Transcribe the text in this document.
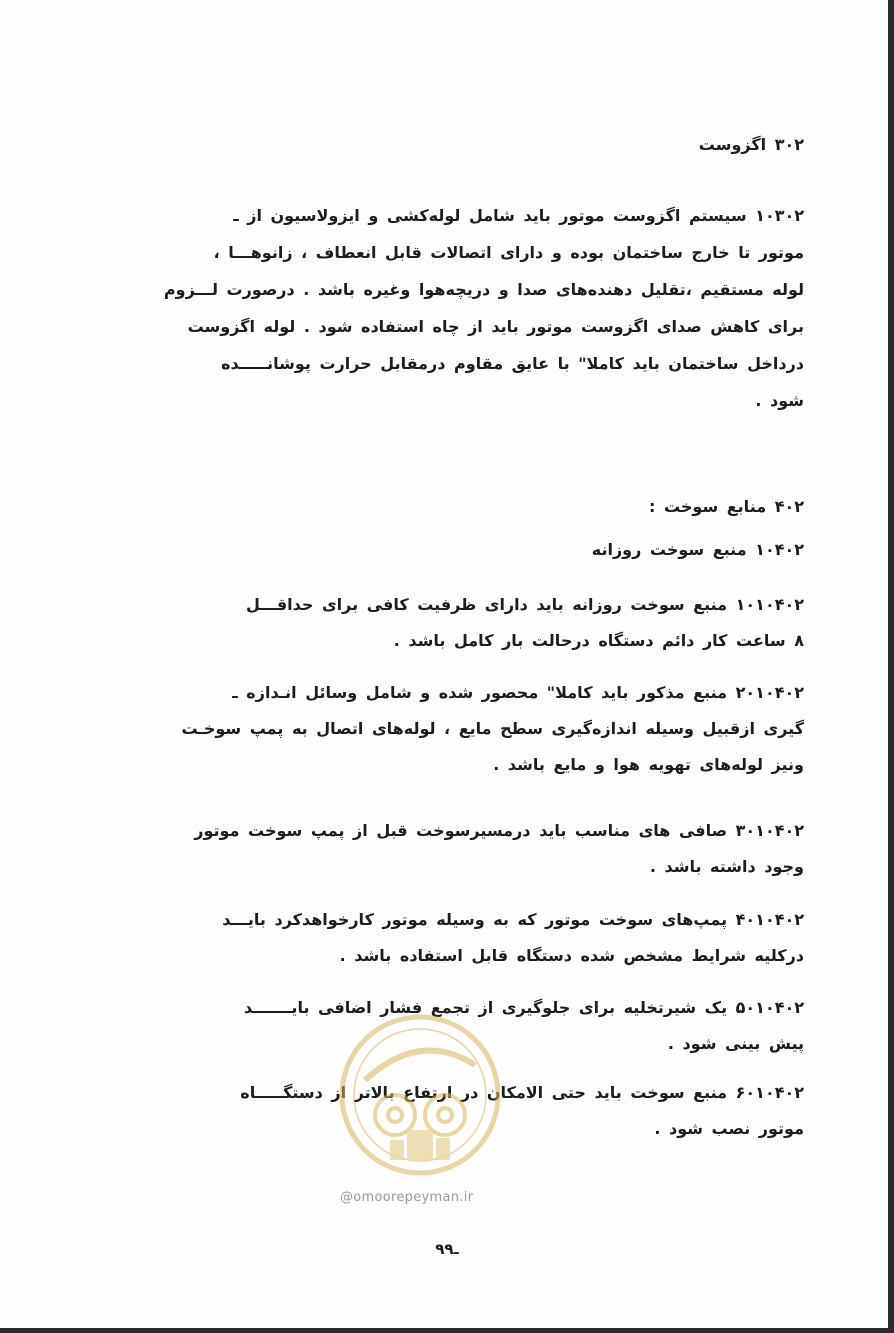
۳۰۲ اگزوست
۱۰۳۰۲ سیستم اگزوست موتور باید شامل لوله‌کشی و ایزولاسیون از ـ
موتور تا خارج ساختمان بوده و دارای اتصالات قابل انعطاف ، زانوهـــا ،
لوله مستقیم ،تقلیل دهنده‌های صدا و دریچه‌هوا وغیره باشد . درصورت لـــزوم
برای کاهش صدای اگزوست موتور باید از چاه استفاده شود . لوله اگزوست
درداخل ساختمان باید کاملا" با عایق مقاوم درمقابل حرارت پوشانـــــده
شود .
۴۰۲ منابع سوخت :
۱۰۴۰۲ منبع سوخت روزانه
۱۰۱۰۴۰۲ منبع سوخت روزانه باید دارای ظرفیت کافی برای حداقـــل
۸ ساعت کار دائم دستگاه درحالت بار کامل باشد .
۲۰۱۰۴۰۲ منبع مذکور باید کاملا" محصور شده و شامل وسائل انـدازه ـ
گیری ازقبیل وسیله اندازه‌گیری سطح مایع ، لوله‌های اتصال به پمپ سوخـت
ونیز لوله‌های تهویه هوا و مایع باشد .
۳۰۱۰۴۰۲ صافی های مناسب باید درمسیرسوخت قبل از پمپ سوخت موتور
وجود داشته باشد .
۴۰۱۰۴۰۲ پمپ‌های سوخت موتور که به وسیله موتور کارخواهدکرد بایـــد
درکلیه شرایط مشخص شده دستگاه قابل استفاده باشد .
۵۰۱۰۴۰۲ یک شیرتخلیه برای جلوگیری از تجمع فشار اضافی بایـــــــد
پیش بینی شود .
۶۰۱۰۴۰۲ منبع سوخت باید حتی الامکان در ارتفاع بالاتر از دستگـــــاه
موتور نصب شود .
@omoorepeyman.ir
۹ـ۹
